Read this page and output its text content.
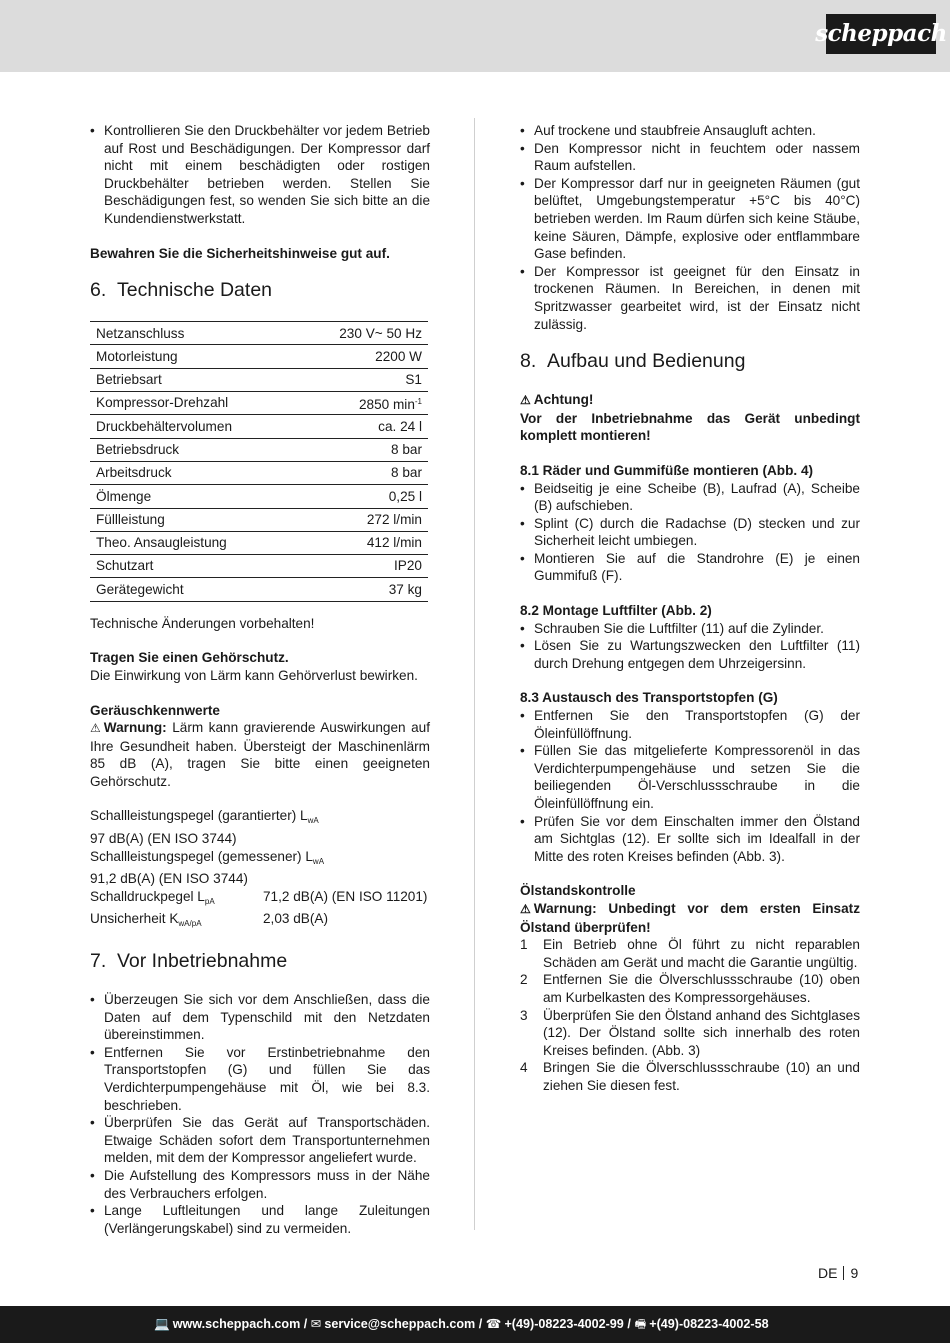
scheppach
• Kontrollieren Sie den Druckbehälter vor jedem Betrieb auf Rost und Beschädigungen. Der Kompressor darf nicht mit einem beschädigten oder rostigen Druckbehälter betrieben werden. Stellen Sie Beschädigungen fest, so wenden Sie sich bitte an die Kundendienstwerkstatt.

Bewahren Sie die Sicherheitshinweise gut auf.

6. Technische Daten
Netzanschluss	230 V~ 50 Hz
Motorleistung	2200 W
Betriebsart	S1
Kompressor-Drehzahl	2850 $\min^{-1}$
Druckbehältervolumen	ca. 24 l
Betriebsdruck	8 bar
Arbeitsdruck	8 bar
Ölmenge	0,25 l
Füllleistung	272 l/min
Theo. Ansaugleistung	412 l/min
Schutzart	IP20
Gerätegewicht	37 kg

Technische Änderungen vorbehalten!

Tragen Sie einen Gehörschutz.

Die Einwirkung von Lärm kann Gehörverlust bewirken.

Geräuschkennwerte

⚠ Warnung: Lärm kann gravierende Auswirkungen auf Ihre Gesundheit haben. Übersteigt der Maschinenlärm 85 dB (A), tragen Sie bitte einen geeigneten Gehörschutz.

Schallleistungspegel (garantierter) $L_{wA}$
97 dB(A) (EN ISO 3744)
Schallleistungspegel (gemessener) $L_{wA}$
91,2 dB(A) (EN ISO 3744)
Schalldruckpegel $L_{pA}$	71,2 dB(A) (EN ISO 11201)
Unsicherheit $K_{wA/pA}$	2,03 dB(A)
7. Vor Inbetriebnahme
• Überzeugen Sie sich vor dem Anschließen, dass die Daten auf dem Typenschild mit den Netzdaten übereinstimmen.
• Entfernen Sie vor Erstinbetriebnahme den Transportstopfen (G) und füllen Sie das Verdichterpumpengehäuse mit Öl, wie bei 8.3. beschrieben.
• Überprüfen Sie das Gerät auf Transportschäden. Etwaige Schäden sofort dem Transportunternehmen melden, mit dem der Kompressor angeliefert wurde.
• Die Aufstellung des Kompressors muss in der Nähe des Verbrauchers erfolgen.
• Lange Luftleitungen und lange Zuleitungen (Verlängerungskabel) sind zu vermeiden.
• Auf trockene und staubfreie Ansaugluft achten.
• Den Kompressor nicht in feuchtem oder nassem Raum aufstellen.
• Der Kompressor darf nur in geeigneten Räumen (gut belüftet, Umgebungstemperatur +5°C bis 40°C) betrieben werden. Im Raum dürfen sich keine Stäube, keine Säuren, Dämpfe, explosive oder entflammbare Gase befinden.
• Der Kompressor ist geeignet für den Einsatz in trockenen Räumen. In Bereichen, in denen mit Spritzwasser gearbeitet wird, ist der Einsatz nicht zulässig.
8. Aufbau und Bedienung

⚠ Achtung!

Vor der Inbetriebnahme das Gerät unbedingt komplett montieren!

8.1 Räder und Gummifüße montieren (Abb. 4)

• Beidseitig je eine Scheibe (B), Laufrad (A), Scheibe (B) aufschieben.
• Splint (C) durch die Radachse (D) stecken und zur Sicherheit leicht umbiegen.
• Montieren Sie auf die Standrohre (E) je einen Gummifuß (F).

8.2 Montage Luftfilter (Abb. 2)

• Schrauben Sie die Luftfilter (11) auf die Zylinder.
• Lösen Sie zu Wartungszwecken den Luftfilter (11) durch Drehung entgegen dem Uhrzeigersinn.

8.3 Austausch des Transportstopfen (G)

• Entfernen Sie den Transportstopfen (G) der Öleinfüllöffnung.
• Füllen Sie das mitgelieferte Kompressorenöl in das Verdichterpumpengehäuse und setzen Sie die beiliegenden Öl-Verschlussschraube in die Öleinfüllöffnung ein.
• Prüfen Sie vor dem Einschalten immer den Ölstand am Sichtglas (12). Er sollte sich im Idealfall in der Mitte des roten Kreises befinden (Abb. 3).

Ölstandskontrolle

⚠ Warnung: Unbedingt vor dem ersten Einsatz Ölstand überprüfen!

1 Ein Betrieb ohne Öl führt zu nicht reparablen Schäden am Gerät und macht die Garantie ungültig.
2 Entfernen Sie die Ölverschlussschraube (10) oben am Kurbelkasten des Kompressorgehäuses.
3 Überprüfen Sie den Ölstand anhand des Sichtglases (12). Der Ölstand sollte sich innerhalb des roten Kreises befinden. (Abb. 3)
4 Bringen Sie die Ölverschlussschraube (10) an und ziehen Sie diesen fest.
DE 9
💻 www.scheppach.com / ✉ service@scheppach.com / ☎ +(49)-08223-4002-99 / 🖷 +(49)-08223-4002-58
